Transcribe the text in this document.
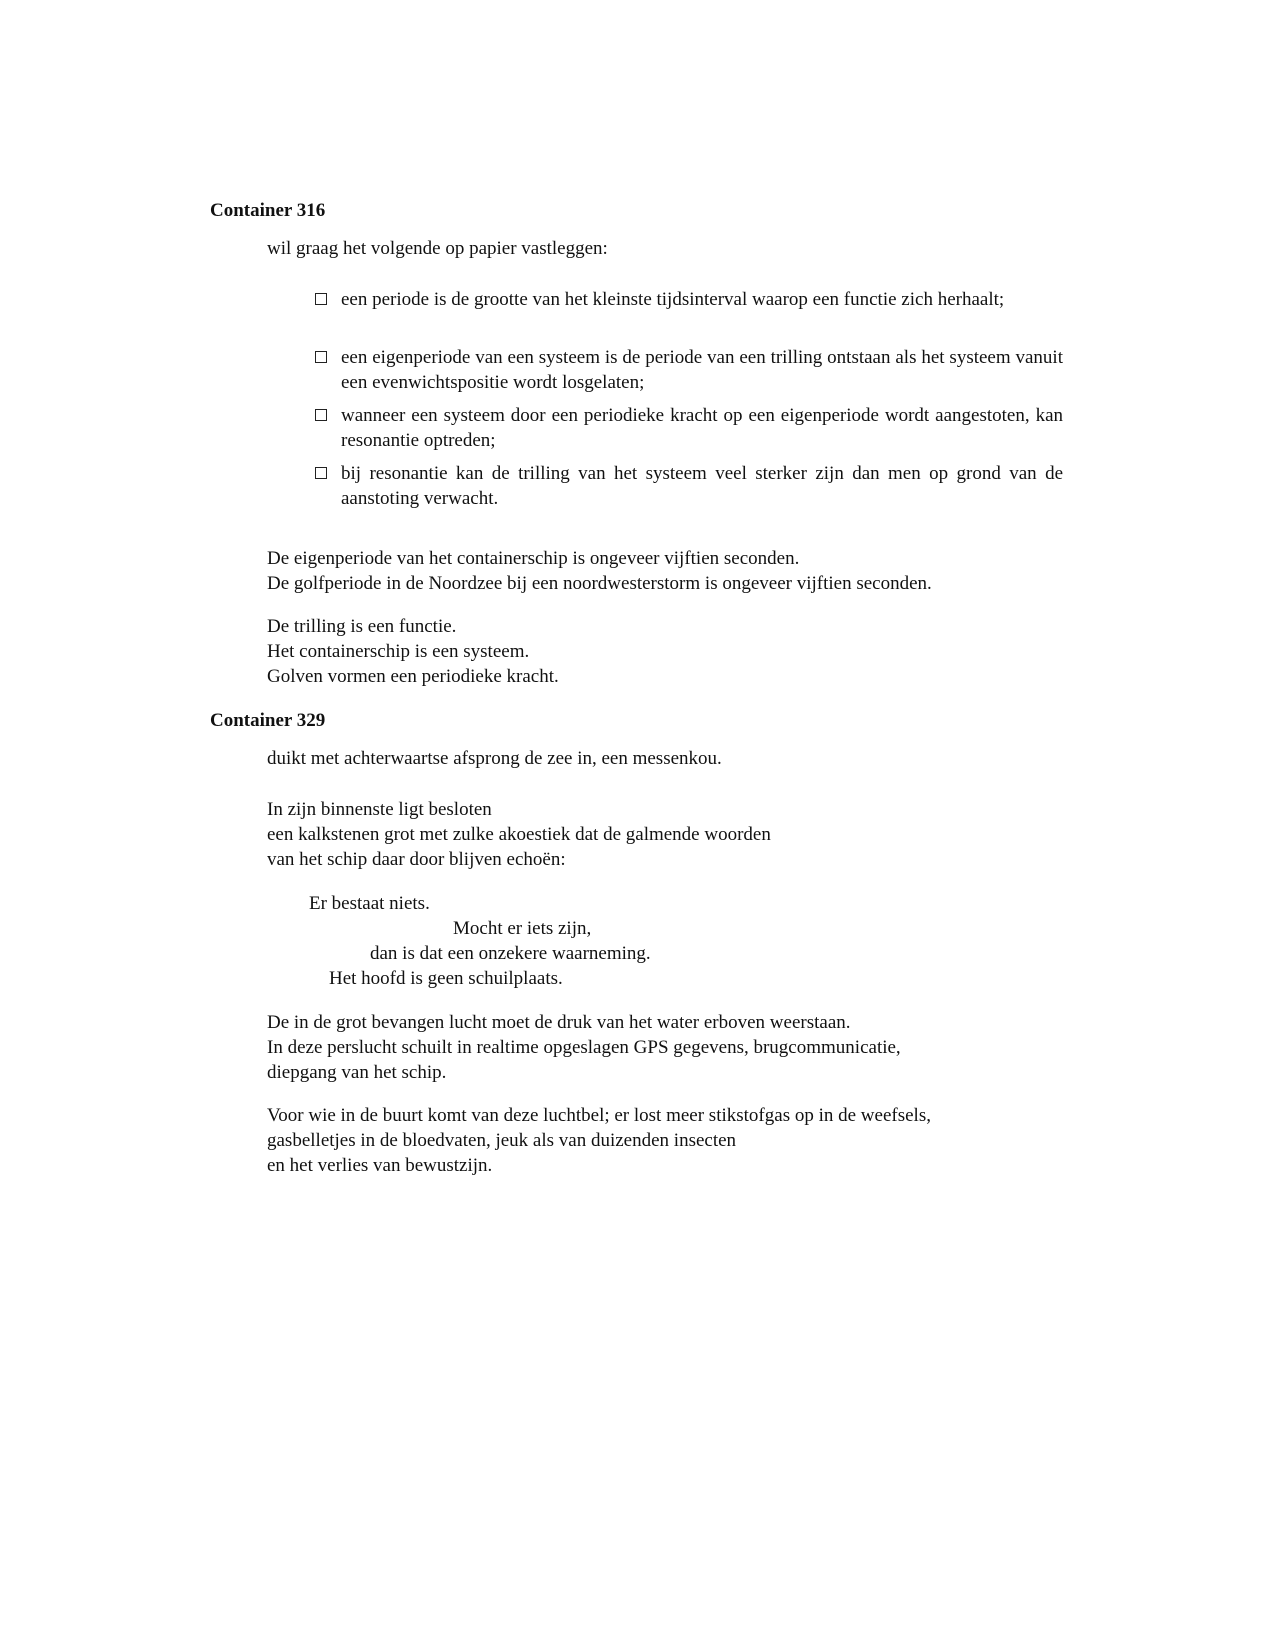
Container 316
wil graag het volgende op papier vastleggen:
een periode is de grootte van het kleinste tijdsinterval waarop een functie zich herhaalt;
een eigenperiode van een systeem is de periode van een trilling ontstaan als het systeem vanuit een evenwichtspositie wordt losgelaten;
wanneer een systeem door een periodieke kracht op een eigenperiode wordt aangestoten, kan resonantie optreden;
bij resonantie kan de trilling van het systeem veel sterker zijn dan men op grond van de aanstoting verwacht.
De eigenperiode van het containerschip is ongeveer vijftien seconden.
De golfperiode in de Noordzee bij een noordwesterstorm is ongeveer vijftien seconden.
De trilling is een functie.
Het containerschip is een systeem.
Golven vormen een periodieke kracht.
Container 329
duikt met achterwaartse afsprong de zee in, een messenkou.
In zijn binnenste ligt besloten
een kalkstenen grot met zulke akoestiek dat de galmende woorden
van het schip daar door blijven echoën:
Er bestaat niets.
Mocht er iets zijn,
dan is dat een onzekere waarneming.
Het hoofd is geen schuilplaats.
De in de grot bevangen lucht moet de druk van het water erboven weerstaan.
In deze perslucht schuilt in realtime opgeslagen GPS gegevens, brugcommunicatie,
diepgang van het schip.
Voor wie in de buurt komt van deze luchtbel; er lost meer stikstofgas op in de weefsels,
gasbelletjes in de bloedvaten, jeuk als van duizenden insecten
en het verlies van bewustzijn.
